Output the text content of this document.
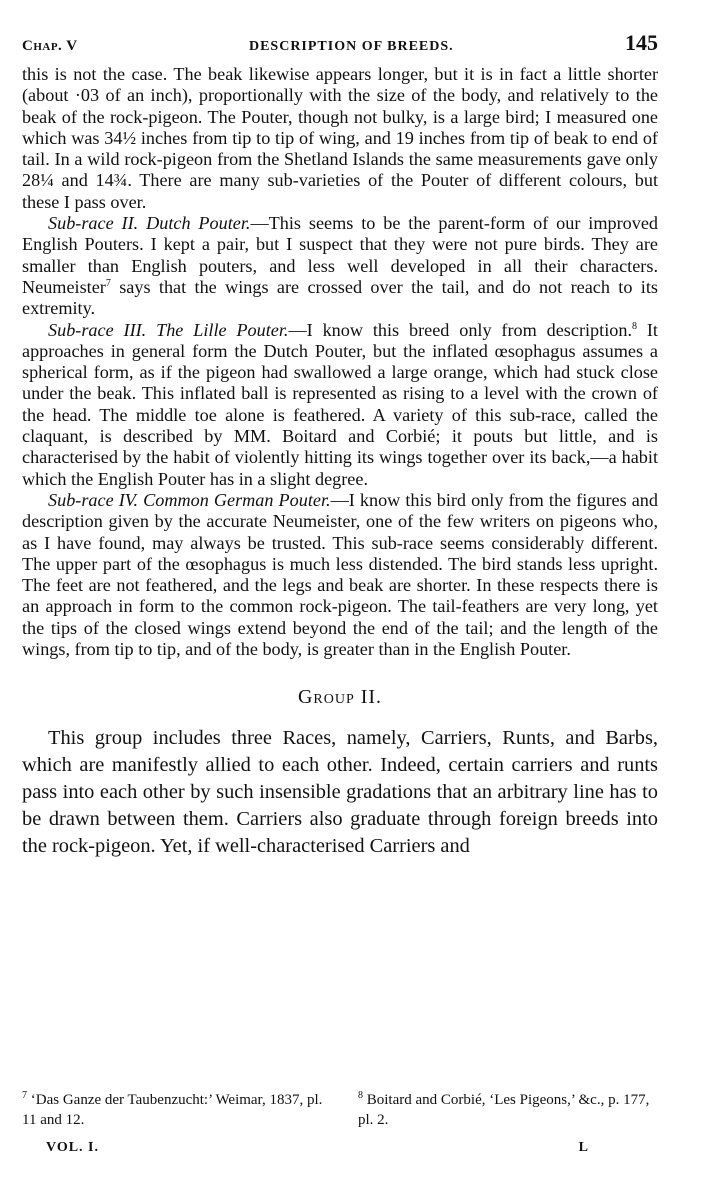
Chap. V	DESCRIPTION OF BREEDS.	145

this is not the case. The beak likewise appears longer, but it is in fact a little shorter (about ·03 of an inch), proportionally with the size of the body, and relatively to the beak of the rock-pigeon. The Pouter, though not bulky, is a large bird; I measured one which was 34½ inches from tip to tip of wing, and 19 inches from tip of beak to end of tail. In a wild rock-pigeon from the Shetland Islands the same measurements gave only 28¼ and 14¾. There are many sub-varieties of the Pouter of different colours, but these I pass over.

Sub-race II. Dutch Pouter.—This seems to be the parent-form of our improved English Pouters. I kept a pair, but I suspect that they were not pure birds. They are smaller than English pouters, and less well developed in all their characters. Neumeister$^7$ says that the wings are crossed over the tail, and do not reach to its extremity.

Sub-race III. The Lille Pouter.—I know this breed only from description.$^8$ It approaches in general form the Dutch Pouter, but the inflated œsophagus assumes a spherical form, as if the pigeon had swallowed a large orange, which had stuck close under the beak. This inflated ball is represented as rising to a level with the crown of the head. The middle toe alone is feathered. A variety of this sub-race, called the claquant, is described by MM. Boitard and Corbié; it pouts but little, and is characterised by the habit of violently hitting its wings together over its back,—a habit which the English Pouter has in a slight degree.

Sub-race IV. Common German Pouter.—I know this bird only from the figures and description given by the accurate Neumeister, one of the few writers on pigeons who, as I have found, may always be trusted. This sub-race seems considerably different. The upper part of the œsophagus is much less distended. The bird stands less upright. The feet are not feathered, and the legs and beak are shorter. In these respects there is an approach in form to the common rock-pigeon. The tail-feathers are very long, yet the tips of the closed wings extend beyond the end of the tail; and the length of the wings, from tip to tip, and of the body, is greater than in the English Pouter.

Group II.

This group includes three Races, namely, Carriers, Runts, and Barbs, which are manifestly allied to each other. Indeed, certain carriers and runts pass into each other by such insensible gradations that an arbitrary line has to be drawn between them. Carriers also graduate through foreign breeds into the rock-pigeon. Yet, if well-characterised Carriers and

$^7$ ‘Das Ganze der Taubenzucht:’ Weimar, 1837, pl. 11 and 12.
$^8$ Boitard and Corbié, ‘Les Pigeons,’ &c., p. 177, pl. 2.
VOL. I.	L
